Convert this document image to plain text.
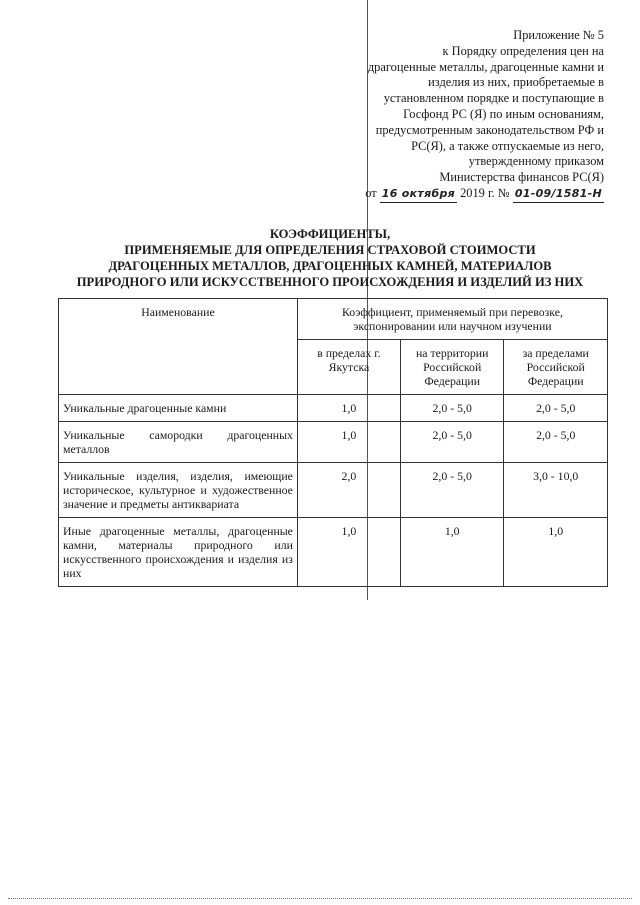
Приложение № 5
к Порядку определения цен на
драгоценные металлы, драгоценные камни и
изделия из них, приобретаемые в
установленном порядке и поступающие в
Госфонд РС (Я) по иным основаниям,
предусмотренным законодательством РФ и
РС(Я), а также отпускаемые из него,
утвержденному приказом
Министерства финансов РС(Я)
от 16 октября 2019 г. № 01-09/1581-Н
КОЭФФИЦИЕНТЫ,
ПРИМЕНЯЕМЫЕ ДЛЯ ОПРЕДЕЛЕНИЯ СТРАХОВОЙ СТОИМОСТИ
ДРАГОЦЕННЫХ МЕТАЛЛОВ, ДРАГОЦЕННЫХ КАМНЕЙ, МАТЕРИАЛОВ
ПРИРОДНОГО ИЛИ ИСКУССТВЕННОГО ПРОИСХОЖДЕНИЯ И ИЗДЕЛИЙ ИЗ НИХ
Наименование	Коэффициент, применяемый при перевозке, экспонировании или научном изучении		
	в пределах г. Якутска	на территории Российской Федерации	за пределами Российской Федерации
Уникальные драгоценные камни	1,0	2,0 - 5,0	2,0 - 5,0
Уникальные самородки драгоценных металлов	1,0	2,0 - 5,0	2,0 - 5,0
Уникальные изделия, изделия, имеющие историческое, культурное и художественное значение и предметы антиквариата	2,0	2,0 - 5,0	3,0 - 10,0
Иные драгоценные металлы, драгоценные камни, материалы природного или искусственного происхождения и изделия из них	1,0	1,0	1,0
